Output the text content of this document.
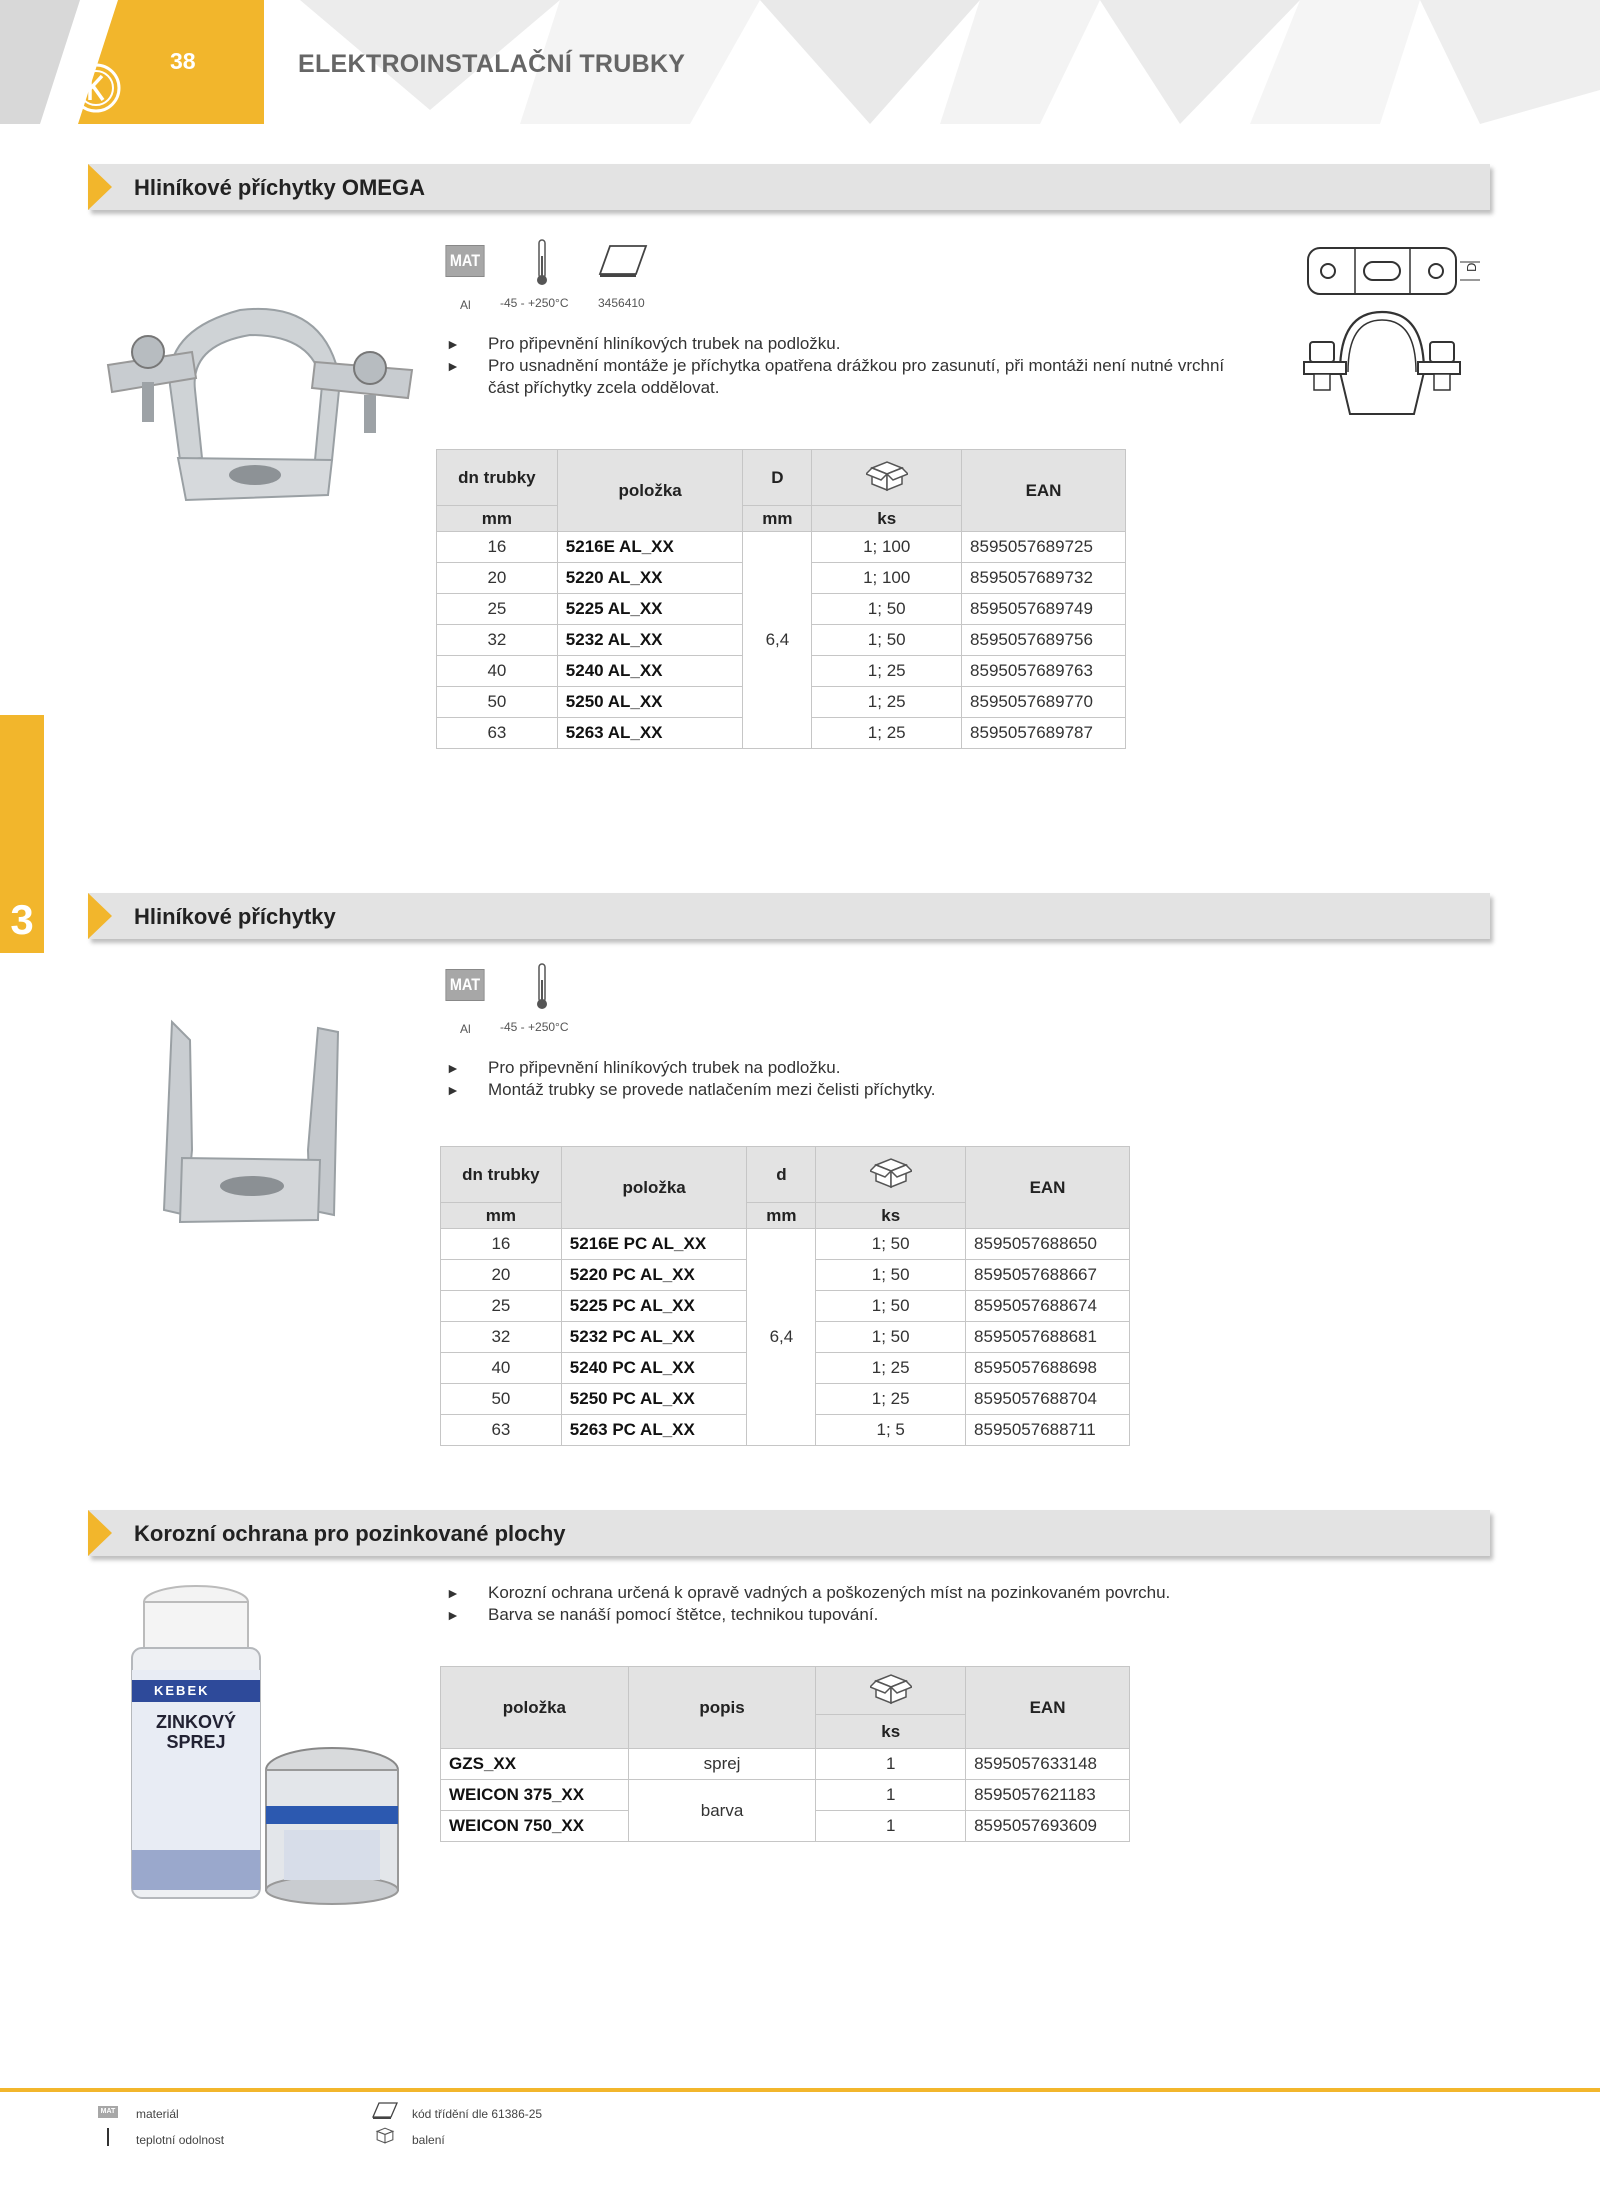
38	ELEKTROINSTALAČNÍ TRUBKY
3
Hliníkové příchytky OMEGA
MAT
Al -45 - +250°C 3456410
D
►	Pro připevnění hliníkových trubek na podložku.
►	Pro usnadnění montáže je příchytka opatřena drážkou pro zasunutí, při montáži není nutné vrchní část příchytky zcela oddělovat.
dn trubky	položka	D		EAN
mm		mm	ks	
16	5216E AL_XX	6,4	1; 100	8595057689725
20	5220 AL_XX		1; 100	8595057689732
25	5225 AL_XX		1; 50	8595057689749
32	5232 AL_XX		1; 50	8595057689756
40	5240 AL_XX		1; 25	8595057689763
50	5250 AL_XX		1; 25	8595057689770
63	5263 AL_XX		1; 25	8595057689787
Hliníkové příchytky
MAT
Al -45 - +250°C
►	Pro připevnění hliníkových trubek na podložku.
►	Montáž trubky se provede natlačením mezi čelisti příchytky.
dn trubky	položka	d		EAN
mm		mm	ks	
16	5216E PC AL_XX	6,4	1; 50	8595057688650
20	5220 PC AL_XX		1; 50	8595057688667
25	5225 PC AL_XX		1; 50	8595057688674
32	5232 PC AL_XX		1; 50	8595057688681
40	5240 PC AL_XX		1; 25	8595057688698
50	5250 PC AL_XX		1; 25	8595057688704
63	5263 PC AL_XX		1; 5	8595057688711
Korozní ochrana pro pozinkované plochy
KEBEK
ZINKOVÝ
SPREJ
►	Korozní ochrana určená k opravě vadných a poškozených míst na pozinkovaném povrchu.
►	Barva se nanáší pomocí štětce, technikou tupování.
položka	popis		EAN
		ks	
GZS_XX	sprej	1	8595057633148
WEICON 375_XX	barva	1	8595057621183
WEICON 750_XX		1	8595057693609
MAT materiál
teplotní odolnost
kód třídění dle 61386-25
balení
